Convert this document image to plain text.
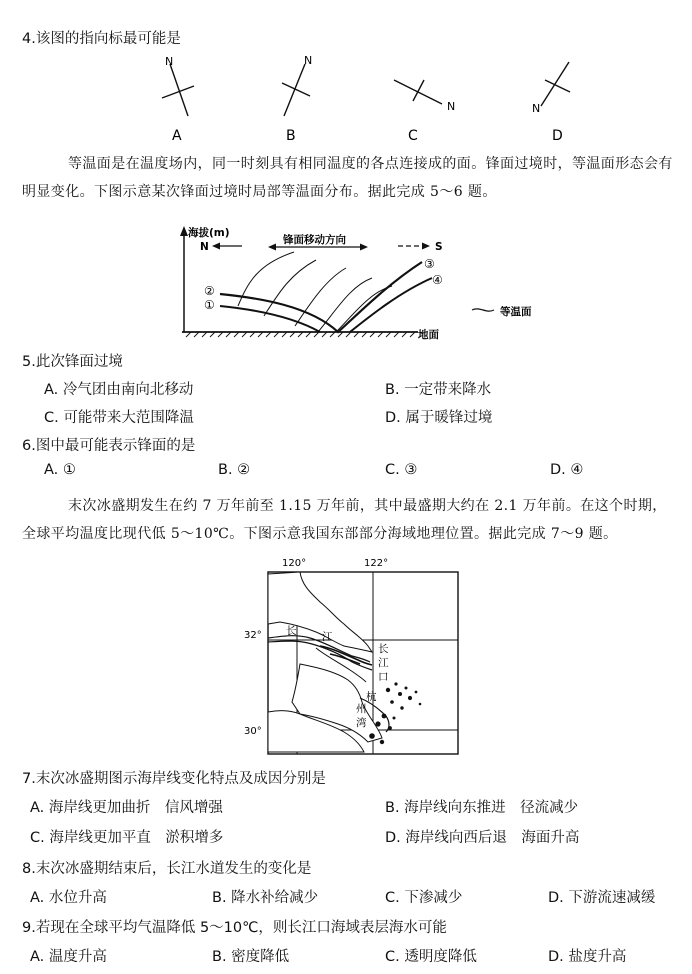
4.该图的指向标最可能是
N
A
N
B
N
C
N
D
等温面是在温度场内，同一时刻具有相同温度的各点连接成的面。锋面过境时，等温面形态会有明显变化。下图示意某次锋面过境时局部等温面分布。据此完成 5～6 题。
海拔(m)
地面
N
锋面移动方向
S
②
①
③
④
等温面
5.此次锋面过境
A. 冷气团由南向北移动	B. 一定带来降水
C. 可能带来大范围降温	D. 属于暖锋过境
6.图中最可能表示锋面的是
A. ①	B. ②	C. ③	D. ④
末次冰盛期发生在约 7 万年前至 1.15 万年前，其中最盛期大约在 2.1 万年前。在这个时期，全球平均温度比现代低 5～10℃。下图示意我国东部部分海域地理位置。据此完成 7～9 题。
120°	122°
32°
30°
长 江
长
江
口
杭
州
湾
7.末次冰盛期图示海岸线变化特点及成因分别是
A. 海岸线更加曲折　信风增强	B. 海岸线向东推进　径流减少
C. 海岸线更加平直　淤积增多	D. 海岸线向西后退　海面升高
8.末次冰盛期结束后，长江水道发生的变化是
A. 水位升高	B. 降水补给减少	C. 下渗减少	D. 下游流速减缓
9.若现在全球平均气温降低 5～10℃，则长江口海域表层海水可能
A. 温度升高	B. 密度降低	C. 透明度降低	D. 盐度升高
